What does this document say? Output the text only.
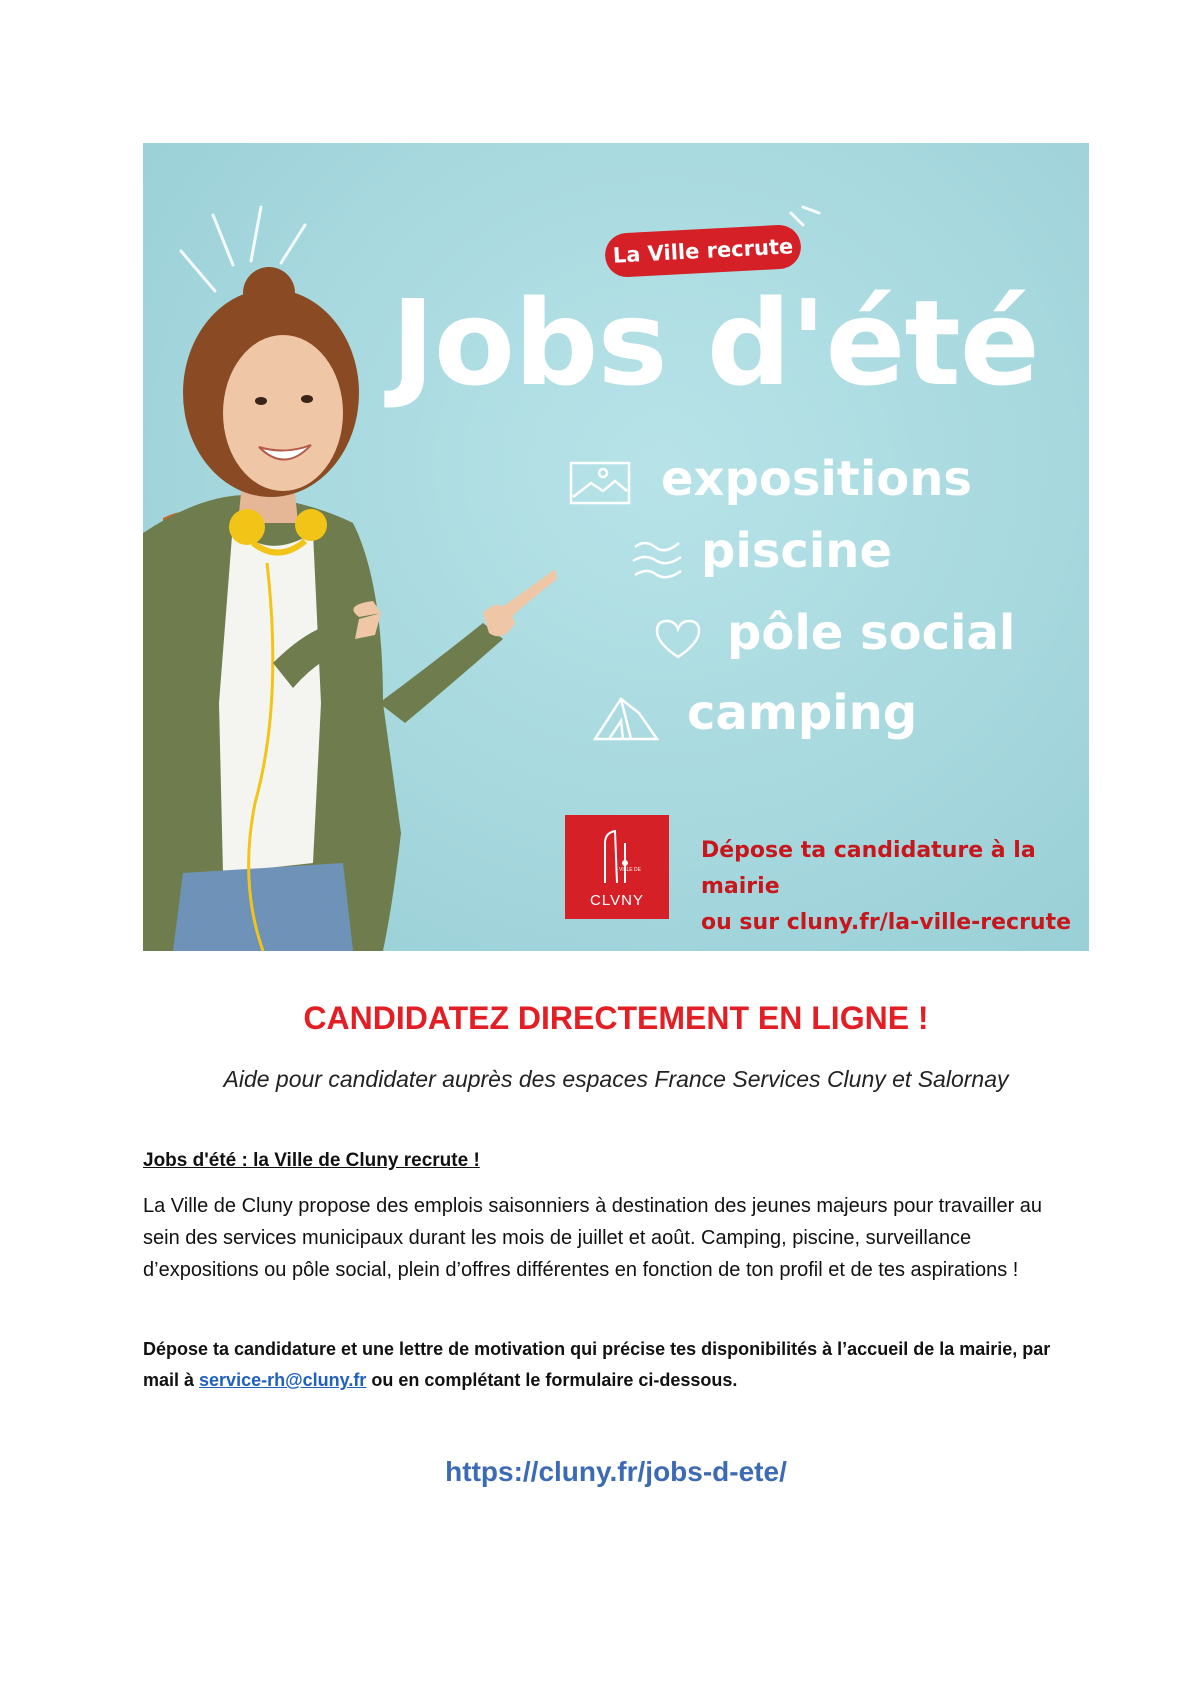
La Ville recrute
Jobs d'été
expositions
piscine
pôle social
camping
VILLE DE
CLVNY
Dépose ta candidature à la mairie
ou sur cluny.fr/la-ville-recrute
CANDIDATEZ DIRECTEMENT EN LIGNE !
Aide pour candidater auprès des espaces France Services Cluny et Salornay
Jobs d'été : la Ville de Cluny recrute !

La Ville de Cluny propose des emplois saisonniers à destination des jeunes majeurs pour travailler au sein des services municipaux durant les mois de juillet et août. Camping, piscine, surveillance d’expositions ou pôle social, plein d’offres différentes en fonction de ton profil et de tes aspirations !

Dépose ta candidature et une lettre de motivation qui précise tes disponibilités à l’accueil de la mairie, par mail à service-rh@cluny.fr ou en complétant le formulaire ci-dessous.

https://cluny.fr/jobs-d-ete/
